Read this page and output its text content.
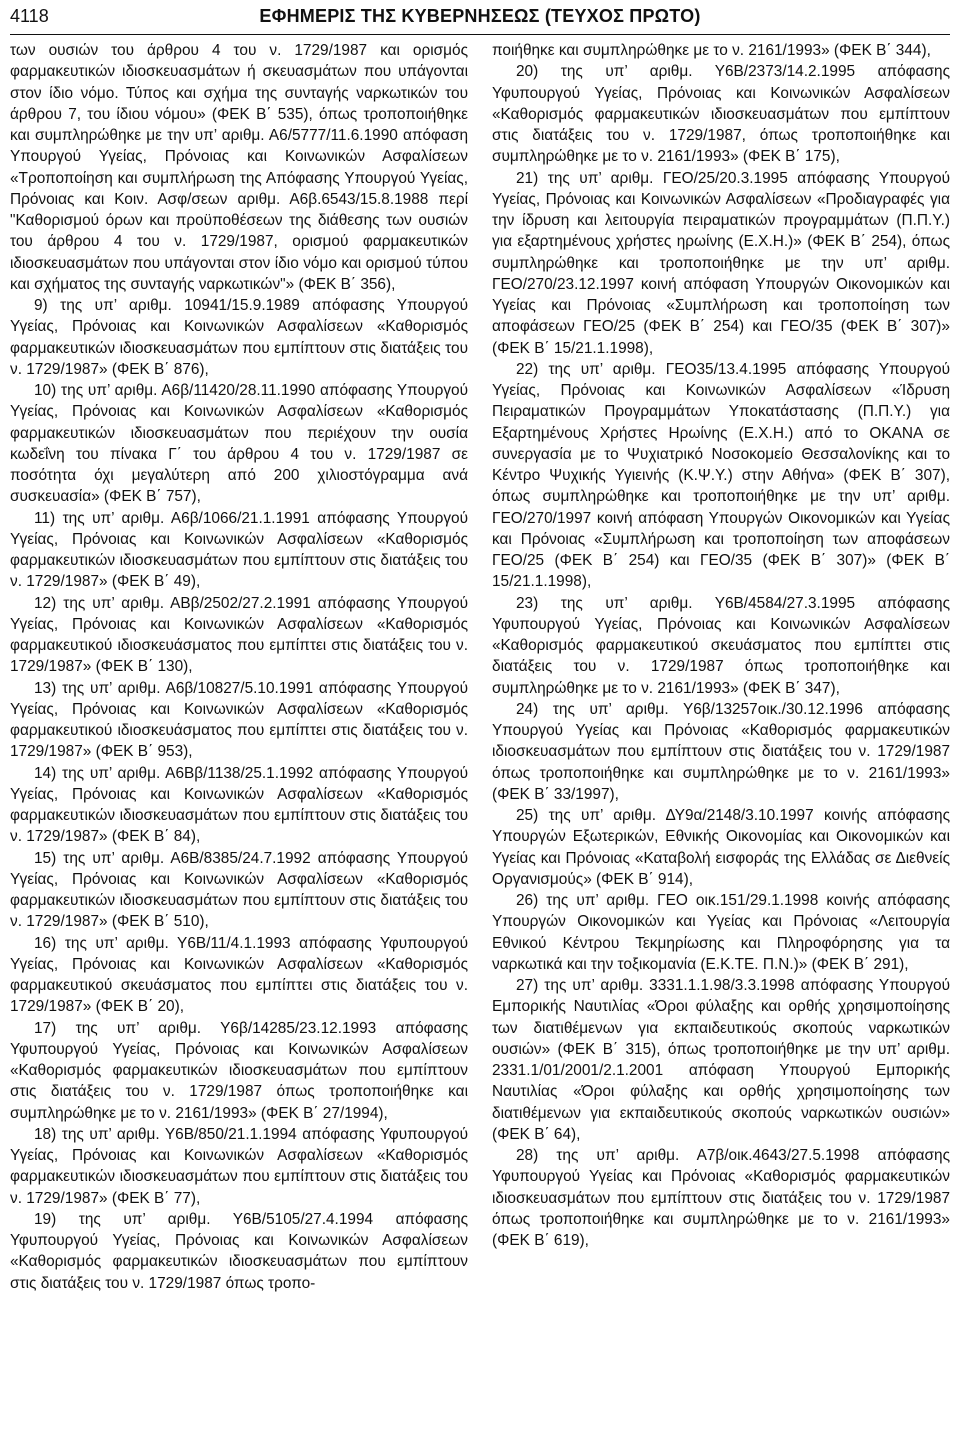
4118	ΕΦΗΜΕΡΙΣ ΤΗΣ ΚΥΒΕΡΝΗΣΕΩΣ (ΤΕΥΧΟΣ ΠΡΩΤΟ)

των ουσιών του άρθρου 4 του ν. 1729/1987 και ορισμός φαρμακευτικών ιδιοσκευασμάτων ή σκευασμάτων που υπάγονται στον ίδιο νόμο. Τύπος και σχήμα της συνταγής ναρκωτικών του άρθρου 7, του ίδιου νόμου» (ΦΕΚ Β΄ 535), όπως τροποποιήθηκε και συμπληρώθηκε με την υπ’ αριθμ. Α6/5777/11.6.1990 απόφαση Υπουργού Υγείας, Πρόνοιας και Κοινωνικών Ασφαλίσεων «Τροποποίηση και συμπλήρωση της Απόφασης Υπουργού Υγείας, Πρόνοιας και Κοιν. Ασφ/σεων αριθμ. Α6β.6543/15.8.1988 περί "Καθορισμού όρων και προϋποθέσεων της διάθεσης των ουσιών του άρθρου 4 του ν. 1729/1987, ορισμού φαρμακευτικών ιδιοσκευασμάτων που υπάγονται στον ίδιο νόμο και ορισμού τύπου και σχήματος της συνταγής ναρκωτικών"» (ΦΕΚ Β΄ 356),

9) της υπ’ αριθμ. 10941/15.9.1989 απόφασης Υπουργού Υγείας, Πρόνοιας και Κοινωνικών Ασφαλίσεων «Καθορισμός φαρμακευτικών ιδιοσκευασμάτων που εμπίπτουν στις διατάξεις του ν. 1729/1987» (ΦΕΚ Β΄ 876),

10) της υπ’ αριθμ. Α6β/11420/28.11.1990 απόφασης Υπουργού Υγείας, Πρόνοιας και Κοινωνικών Ασφαλίσεων «Καθορισμός φαρμακευτικών ιδιοσκευασμάτων που περιέχουν την ουσία κωδεΐνη του πίνακα Γ΄ του άρθρου 4 του ν. 1729/1987 σε ποσότητα όχι μεγαλύτερη από 200 χιλιοστόγραμμα ανά συσκευασία» (ΦΕΚ Β΄ 757),

11) της υπ’ αριθμ. Α6β/1066/21.1.1991 απόφασης Υπουργού Υγείας, Πρόνοιας και Κοινωνικών Ασφαλίσεων «Καθορισμός φαρμακευτικών ιδιοσκευασμάτων που εμπίπτουν στις διατάξεις του ν. 1729/1987» (ΦΕΚ Β΄ 49),

12) της υπ’ αριθμ. ΑΒβ/2502/27.2.1991 απόφασης Υπουργού Υγείας, Πρόνοιας και Κοινωνικών Ασφαλίσεων «Καθορισμός φαρμακευτικού ιδιοσκευάσματος που εμπίπτει στις διατάξεις του ν. 1729/1987» (ΦΕΚ Β΄ 130),

13) της υπ’ αριθμ. Α6β/10827/5.10.1991 απόφασης Υπουργού Υγείας, Πρόνοιας και Κοινωνικών Ασφαλίσεων «Καθορισμός φαρμακευτικού ιδιοσκευάσματος που εμπίπτει στις διατάξεις του ν. 1729/1987» (ΦΕΚ Β΄ 953),

14) της υπ’ αριθμ. Α6Ββ/1138/25.1.1992 απόφασης Υπουργού Υγείας, Πρόνοιας και Κοινωνικών Ασφαλίσεων «Καθορισμός φαρμακευτικών ιδιοσκευασμάτων που εμπίπτουν στις διατάξεις του ν. 1729/1987» (ΦΕΚ Β΄ 84),

15) της υπ’ αριθμ. Α6Β/8385/24.7.1992 απόφασης Υπουργού Υγείας, Πρόνοιας και Κοινωνικών Ασφαλίσεων «Καθορισμός φαρμακευτικών ιδιοσκευασμάτων που εμπίπτουν στις διατάξεις του ν. 1729/1987» (ΦΕΚ Β΄ 510),

16) της υπ’ αριθμ. Υ6Β/11/4.1.1993 απόφασης Υφυπουργού Υγείας, Πρόνοιας και Κοινωνικών Ασφαλίσεων «Καθορισμός φαρμακευτικού σκευάσματος που εμπίπτει στις διατάξεις του ν. 1729/1987» (ΦΕΚ Β΄ 20),

17) της υπ’ αριθμ. Υ6β/14285/23.12.1993 απόφασης Υφυπουργού Υγείας, Πρόνοιας και Κοινωνικών Ασφαλίσεων «Καθορισμός φαρμακευτικών ιδιοσκευασμάτων που εμπίπτουν στις διατάξεις του ν. 1729/1987 όπως τροποποιήθηκε και συμπληρώθηκε με το ν. 2161/1993» (ΦΕΚ Β΄ 27/1994),

18) της υπ’ αριθμ. Υ6Β/850/21.1.1994 απόφασης Υφυπουργού Υγείας, Πρόνοιας και Κοινωνικών Ασφαλίσεων «Καθορισμός φαρμακευτικών ιδιοσκευασμάτων που εμπίπτουν στις διατάξεις του ν. 1729/1987» (ΦΕΚ Β΄ 77),

19) της υπ’ αριθμ. Υ6Β/5105/27.4.1994 απόφασης Υφυπουργού Υγείας, Πρόνοιας και Κοινωνικών Ασφαλίσεων «Καθορισμός φαρμακευτικών ιδιοσκευασμάτων που εμπίπτουν στις διατάξεις του ν. 1729/1987 όπως τροπο-

ποιήθηκε και συμπληρώθηκε με το ν. 2161/1993» (ΦΕΚ Β΄ 344),

20) της υπ’ αριθμ. Υ6Β/2373/14.2.1995 απόφασης Υφυπουργού Υγείας, Πρόνοιας και Κοινωνικών Ασφαλίσεων «Καθορισμός φαρμακευτικών ιδιοσκευασμάτων που εμπίπτουν στις διατάξεις του ν. 1729/1987, όπως τροποποιήθηκε και συμπληρώθηκε με το ν. 2161/1993» (ΦΕΚ Β΄ 175),

21) της υπ’ αριθμ. ΓΕΟ/25/20.3.1995 απόφασης Υπουργού Υγείας, Πρόνοιας και Κοινωνικών Ασφαλίσεων «Προδιαγραφές για την ίδρυση και λειτουργία πειραματικών προγραμμάτων (Π.Π.Υ.) για εξαρτημένους χρήστες ηρωίνης (Ε.Χ.Η.)» (ΦΕΚ Β΄ 254), όπως συμπληρώθηκε και τροποποιήθηκε με την υπ’ αριθμ. ΓΕΟ/270/23.12.1997 κοινή απόφαση Υπουργών Οικονομικών και Υγείας και Πρόνοιας «Συμπλήρωση και τροποποίηση των αποφάσεων ΓΕΟ/25 (ΦΕΚ Β΄ 254) και ΓΕΟ/35 (ΦΕΚ Β΄ 307)» (ΦΕΚ Β΄ 15/21.1.1998),

22) της υπ’ αριθμ. ΓΕΟ35/13.4.1995 απόφασης Υπουργού Υγείας, Πρόνοιας και Κοινωνικών Ασφαλίσεων «Ίδρυση Πειραματικών Προγραμμάτων Υποκατάστασης (Π.Π.Υ.) για Εξαρτημένους Χρήστες Ηρωίνης (Ε.Χ.Η.) από το ΟΚΑΝΑ σε συνεργασία με το Ψυχιατρικό Νοσοκομείο Θεσσαλονίκης και το Κέντρο Ψυχικής Υγιεινής (Κ.Ψ.Υ.) στην Αθήνα» (ΦΕΚ Β΄ 307), όπως συμπληρώθηκε και τροποποιήθηκε με την υπ’ αριθμ. ΓΕΟ/270/1997 κοινή απόφαση Υπουργών Οικονομικών και Υγείας και Πρόνοιας «Συμπλήρωση και τροποποίηση των αποφάσεων ΓΕΟ/25 (ΦΕΚ Β΄ 254) και ΓΕΟ/35 (ΦΕΚ Β΄ 307)» (ΦΕΚ Β΄ 15/21.1.1998),

23) της υπ’ αριθμ. Υ6Β/4584/27.3.1995 απόφασης Υφυπουργού Υγείας, Πρόνοιας και Κοινωνικών Ασφαλίσεων «Καθορισμός φαρμακευτικού σκευάσματος που εμπίπτει στις διατάξεις του ν. 1729/1987 όπως τροποποιήθηκε και συμπληρώθηκε με το ν. 2161/1993» (ΦΕΚ Β΄ 347),

24) της υπ’ αριθμ. Υ6β/13257οικ./30.12.1996 απόφασης Υπουργού Υγείας και Πρόνοιας «Καθορισμός φαρμακευτικών ιδιοσκευασμάτων που εμπίπτουν στις διατάξεις του ν. 1729/1987 όπως τροποποιήθηκε και συμπληρώθηκε με το ν. 2161/1993» (ΦΕΚ Β΄ 33/1997),

25) της υπ’ αριθμ. ΔΥ9α/2148/3.10.1997 κοινής απόφασης Υπουργών Εξωτερικών, Εθνικής Οικονομίας και Οικονομικών και Υγείας και Πρόνοιας «Καταβολή εισφοράς της Ελλάδας σε Διεθνείς Οργανισμούς» (ΦΕΚ Β΄ 914),

26) της υπ’ αριθμ. ΓΕΟ οικ.151/29.1.1998 κοινής απόφασης Υπουργών Οικονομικών και Υγείας και Πρόνοιας «Λειτουργία Εθνικού Κέντρου Τεκμηρίωσης και Πληροφόρησης για τα ναρκωτικά και την τοξικομανία (Ε.Κ.ΤΕ. Π.Ν.)» (ΦΕΚ Β΄ 291),

27) της υπ’ αριθμ. 3331.1.1.98/3.3.1998 απόφασης Υπουργού Εμπορικής Ναυτιλίας «Όροι φύλαξης και ορθής χρησιμοποίησης των διατιθέμενων για εκπαιδευτικούς σκοπούς ναρκωτικών ουσιών» (ΦΕΚ Β΄ 315), όπως τροποποιήθηκε με την υπ’ αριθμ. 2331.1/01/2001/2.1.2001 απόφαση Υπουργού Εμπορικής Ναυτιλίας «Όροι φύλαξης και ορθής χρησιμοποίησης των διατιθέμενων για εκπαιδευτικούς σκοπούς ναρκωτικών ουσιών» (ΦΕΚ Β΄ 64),

28) της υπ’ αριθμ. Α7β/οικ.4643/27.5.1998 απόφασης Υφυπουργού Υγείας και Πρόνοιας «Καθορισμός φαρμακευτικών ιδιοσκευασμάτων που εμπίπτουν στις διατάξεις του ν. 1729/1987 όπως τροποποιήθηκε και συμπληρώθηκε με το ν. 2161/1993» (ΦΕΚ Β΄ 619),
